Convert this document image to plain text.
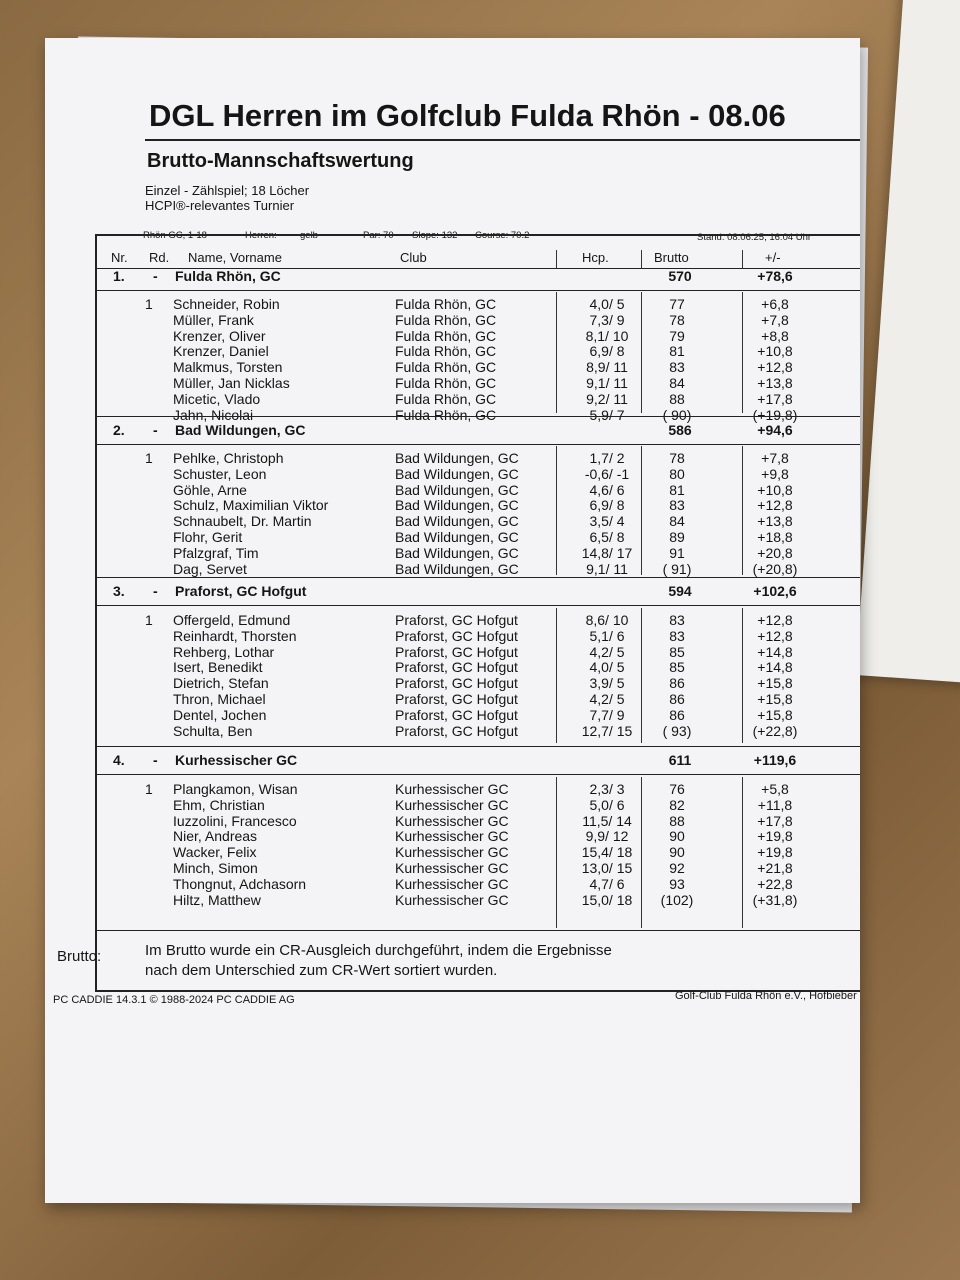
DGL Herren im Golfclub Fulda Rhön - 08.06
Brutto-Mannschaftswertung
Einzel - Zählspiel; 18 Löcher
HCPI®-relevantes Turnier
Rhön GC, 1-18	Herren: gelb	Par: 70 Slope: 132 Course: 70.2	Stand: 08.06.25, 16:04 Uhr
Nr. Rd. Name, Vorname	Club	Hcp.	Brutto	+/-
1. - Fulda Rhön, GC	570	+78,6
1 Schneider, Robin	Fulda Rhön, GC	4,0/ 5	77	+6,8
Müller, Frank	Fulda Rhön, GC	7,3/ 9	78	+7,8
Krenzer, Oliver	Fulda Rhön, GC	8,1/ 10	79	+8,8
Krenzer, Daniel	Fulda Rhön, GC	6,9/ 8	81	+10,8
Malkmus, Torsten	Fulda Rhön, GC	8,9/ 11	83	+12,8
Müller, Jan Nicklas	Fulda Rhön, GC	9,1/ 11	84	+13,8
Micetic, Vlado	Fulda Rhön, GC	9,2/ 11	88	+17,8
Jahn, Nicolai	Fulda Rhön, GC	5,9/ 7	( 90)	(+19,8)
2. - Bad Wildungen, GC	586	+94,6
1 Pehlke, Christoph	Bad Wildungen, GC	1,7/ 2	78	+7,8
Schuster, Leon	Bad Wildungen, GC	-0,6/ -1	80	+9,8
Göhle, Arne	Bad Wildungen, GC	4,6/ 6	81	+10,8
Schulz, Maximilian Viktor	Bad Wildungen, GC	6,9/ 8	83	+12,8
Schnaubelt, Dr. Martin	Bad Wildungen, GC	3,5/ 4	84	+13,8
Flohr, Gerit	Bad Wildungen, GC	6,5/ 8	89	+18,8
Pfalzgraf, Tim	Bad Wildungen, GC	14,8/ 17	91	+20,8
Dag, Servet	Bad Wildungen, GC	9,1/ 11	( 91)	(+20,8)
3. - Praforst, GC Hofgut	594	+102,6
1 Offergeld, Edmund	Praforst, GC Hofgut	8,6/ 10	83	+12,8
Reinhardt, Thorsten	Praforst, GC Hofgut	5,1/ 6	83	+12,8
Rehberg, Lothar	Praforst, GC Hofgut	4,2/ 5	85	+14,8
Isert, Benedikt	Praforst, GC Hofgut	4,0/ 5	85	+14,8
Dietrich, Stefan	Praforst, GC Hofgut	3,9/ 5	86	+15,8
Thron, Michael	Praforst, GC Hofgut	4,2/ 5	86	+15,8
Dentel, Jochen	Praforst, GC Hofgut	7,7/ 9	86	+15,8
Schulta, Ben	Praforst, GC Hofgut	12,7/ 15	( 93)	(+22,8)
4. - Kurhessischer GC	611	+119,6
1 Plangkamon, Wisan	Kurhessischer GC	2,3/ 3	76	+5,8
Ehm, Christian	Kurhessischer GC	5,0/ 6	82	+11,8
Iuzzolini, Francesco	Kurhessischer GC	11,5/ 14	88	+17,8
Nier, Andreas	Kurhessischer GC	9,9/ 12	90	+19,8
Wacker, Felix	Kurhessischer GC	15,4/ 18	90	+19,8
Minch, Simon	Kurhessischer GC	13,0/ 15	92	+21,8
Thongnut, Adchasorn	Kurhessischer GC	4,7/ 6	93	+22,8
Hiltz, Matthew	Kurhessischer GC	15,0/ 18	(102)	(+31,8)
Brutto:	Im Brutto wurde ein CR-Ausgleich durchgeführt, indem die Ergebnisse
nach dem Unterschied zum CR-Wert sortiert wurden.
PC CADDIE 14.3.1 © 1988-2024 PC CADDIE AG	Golf-Club Fulda Rhön e.V., Hofbieber
